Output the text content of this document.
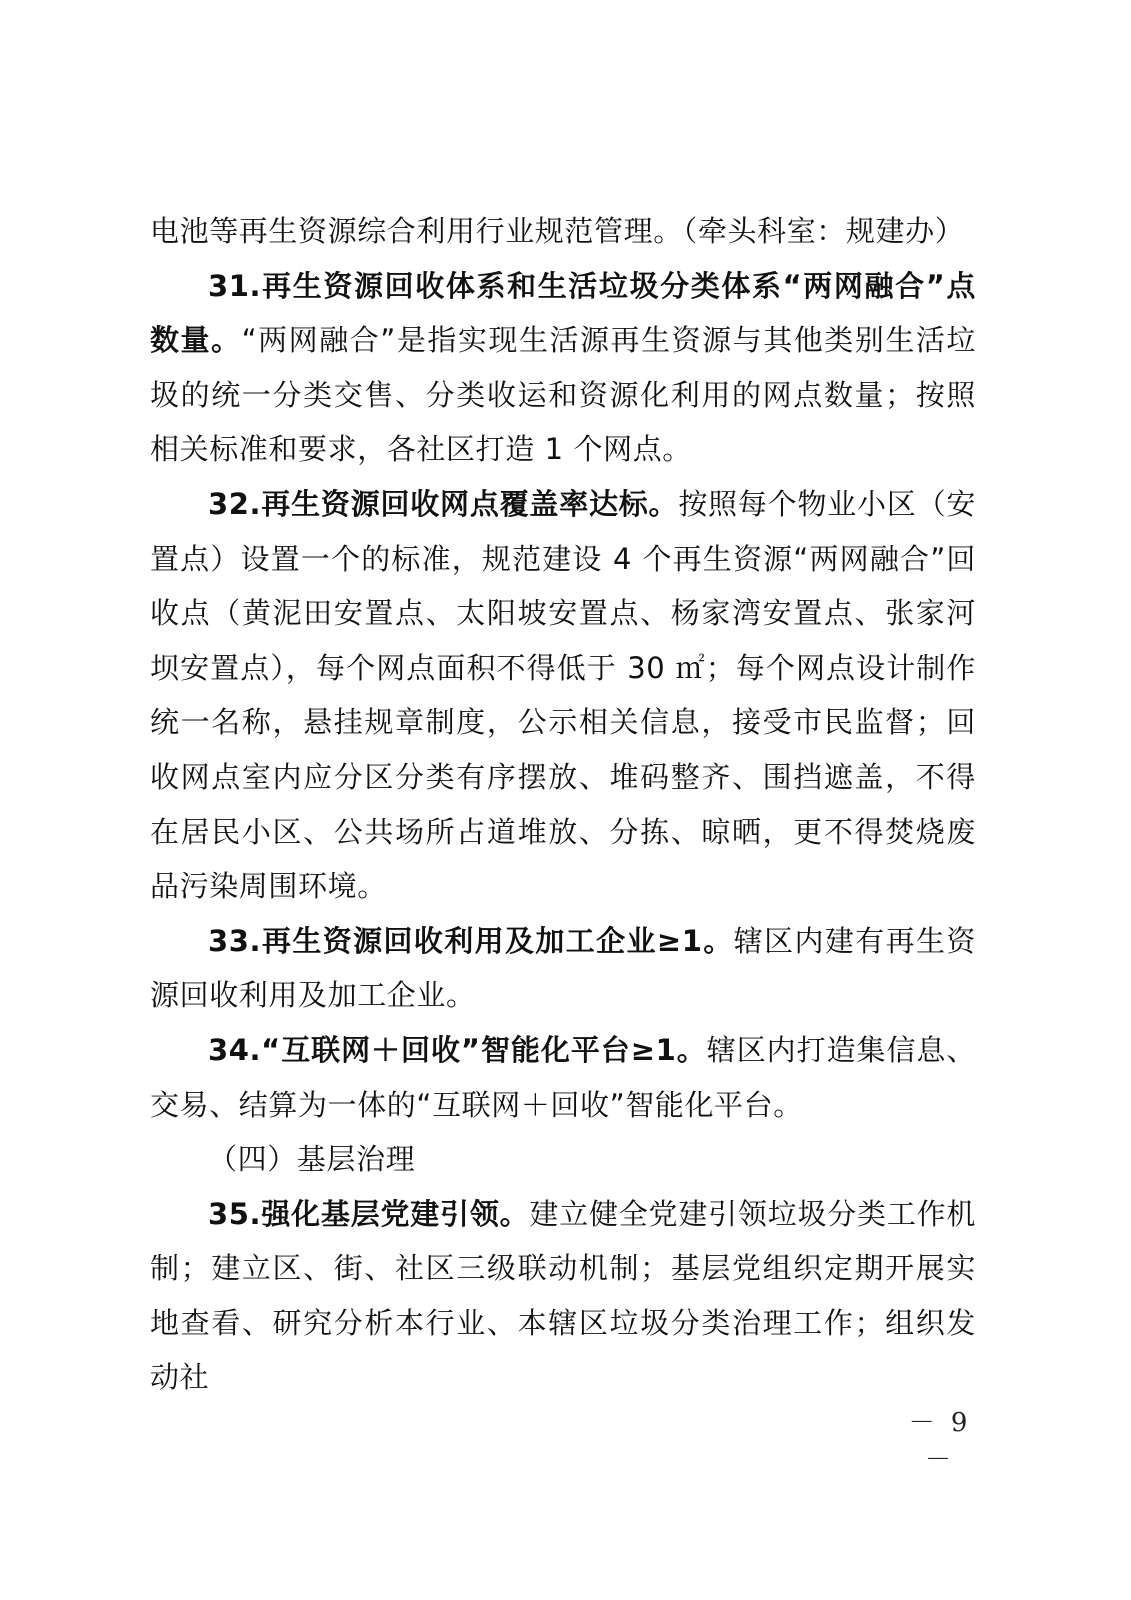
电池等再生资源综合利用行业规范管理。（牵头科室：规建办）

31.再生资源回收体系和生活垃圾分类体系“两网融合”点数量。“两网融合”是指实现生活源再生资源与其他类别生活垃圾的统一分类交售、分类收运和资源化利用的网点数量；按照相关标准和要求，各社区打造 1 个网点。

32.再生资源回收网点覆盖率达标。按照每个物业小区（安置点）设置一个的标准，规范建设 4 个再生资源“两网融合”回收点（黄泥田安置点、太阳坡安置点、杨家湾安置点、张家河坝安置点），每个网点面积不得低于 30 ㎡；每个网点设计制作统一名称，悬挂规章制度，公示相关信息，接受市民监督；回收网点室内应分区分类有序摆放、堆码整齐、围挡遮盖，不得在居民小区、公共场所占道堆放、分拣、晾晒，更不得焚烧废品污染周围环境。

33.再生资源回收利用及加工企业≥1。辖区内建有再生资源回收利用及加工企业。

34.“互联网＋回收”智能化平台≥1。辖区内打造集信息、交易、结算为一体的“互联网＋回收”智能化平台。

（四）基层治理

35.强化基层党建引领。建立健全党建引领垃圾分类工作机制；建立区、街、社区三级联动机制；基层党组织定期开展实地查看、研究分析本行业、本辖区垃圾分类治理工作；组织发动社

－ 9 －
